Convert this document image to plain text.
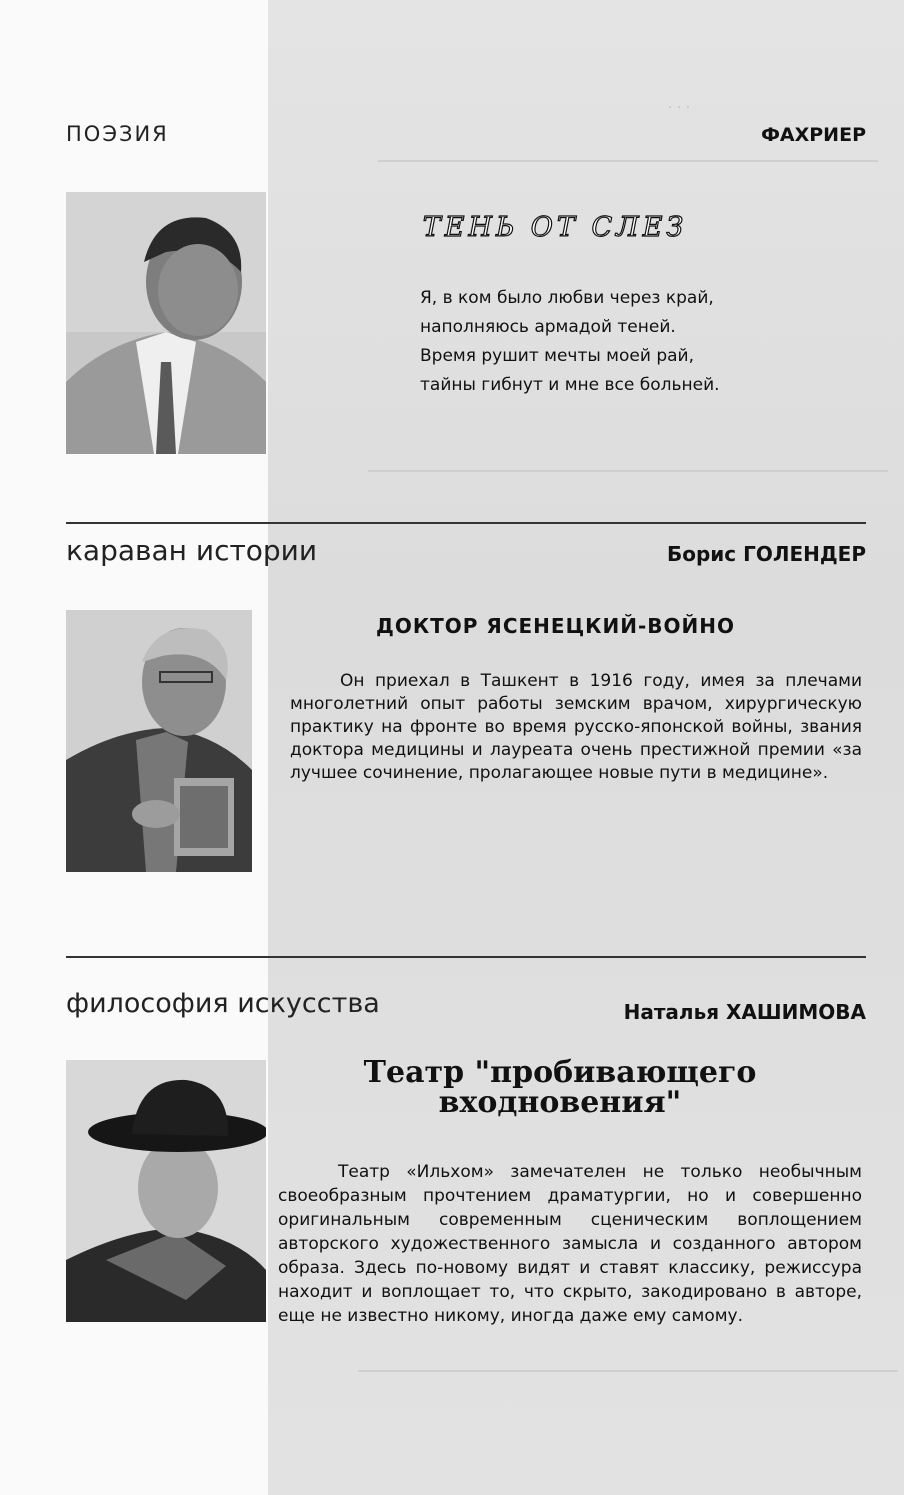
· · ·
ПОЭЗИЯ	ФАХРИЕР
ТЕНЬ ОТ СЛЕЗ
Я, в ком было любви через край,
наполняюсь армадой теней.
Время рушит мечты моей рай,
тайны гибнут и мне все больней.
караван истории	Борис ГОЛЕНДЕР
ДОКТОР ЯСЕНЕЦКИЙ-ВОЙНО
Он приехал в Ташкент в 1916 году, имея за плечами многолетний опыт работы земским врачом, хирургическую практику на фронте во время русско-японской войны, звания доктора медицины и лауреата очень престижной премии «за лучшее сочинение, пролагающее новые пути в медицине».
философия искусства	Наталья ХАШИМОВА
Театр "пробивающего
входновения"
Театр «Ильхом» замечателен не только необычным своеобразным прочтением драматургии, но и совершенно оригинальным современным сценическим воплощением авторского художественного замысла и созданного автором образа. Здесь по-новому видят и ставят классику, режиссура находит и воплощает то, что скрыто, закодировано в авторе, еще не известно никому, иногда даже ему самому.
